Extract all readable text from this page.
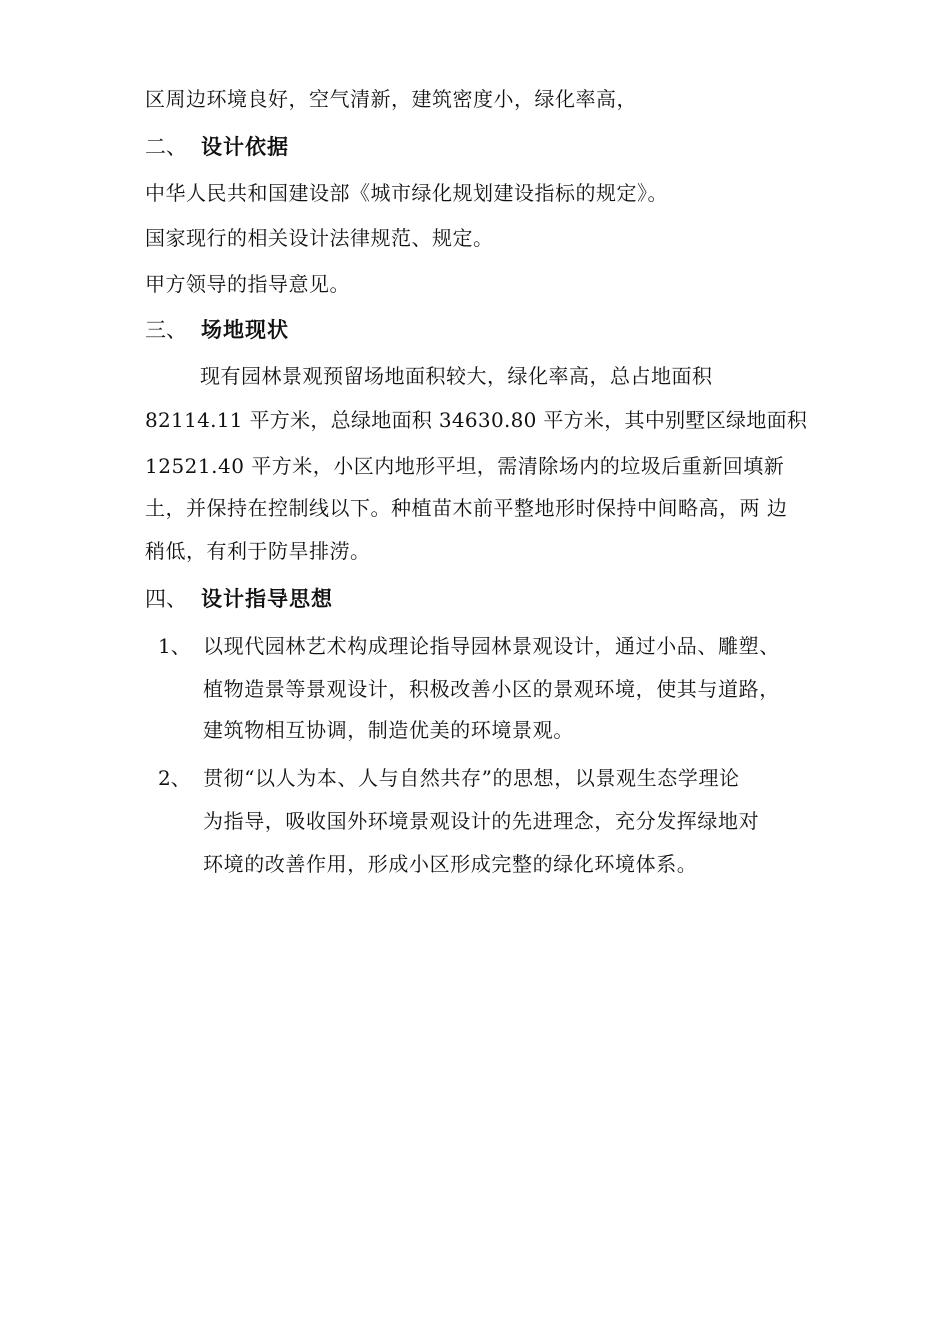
区周边环境良好，空气清新，建筑密度小，绿化率高，
二、 设计依据
中华人民共和国建设部《城市绿化规划建设指标的规定》。
国家现行的相关设计法律规范、规定。
甲方领导的指导意见。
三、 场地现状
现有园林景观预留场地面积较大，绿化率高，总占地面积
82114.11 平方米，总绿地面积 34630.80 平方米，其中别墅区绿地面积
12521.40 平方米，小区内地形平坦，需清除场内的垃圾后重新回填新
土，并保持在控制线以下。种植苗木前平整地形时保持中间略高，两 边
稍低，有利于防旱排涝。
四、 设计指导思想
1、 以现代园林艺术构成理论指导园林景观设计，通过小品、雕塑、
植物造景等景观设计，积极改善小区的景观环境，使其与道路，
建筑物相互协调，制造优美的环境景观。
2、 贯彻“以人为本、人与自然共存”的思想，以景观生态学理论
为指导，吸收国外环境景观设计的先进理念，充分发挥绿地对
环境的改善作用，形成小区形成完整的绿化环境体系。
